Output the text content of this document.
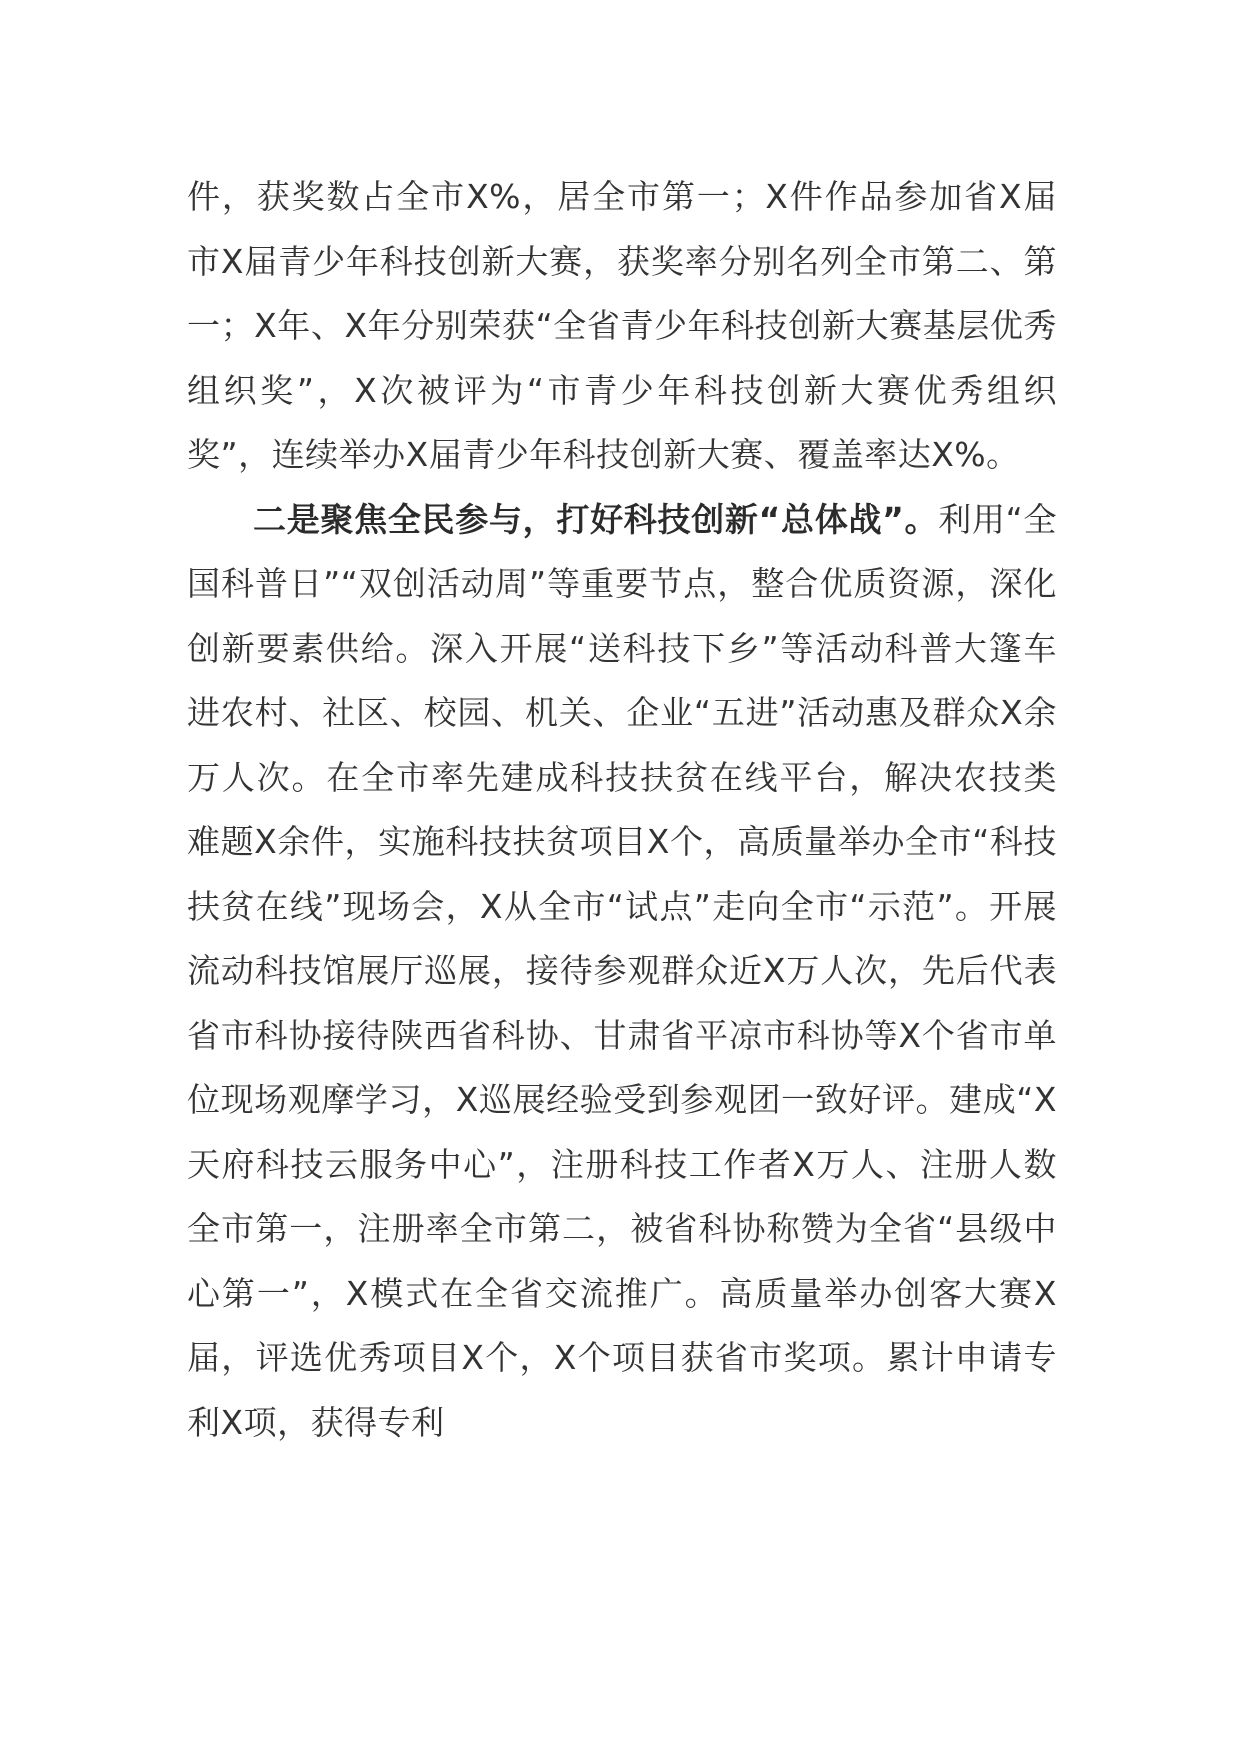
件，获奖数占全市X%，居全市第一；X件作品参加省X届市X届青少年科技创新大赛，获奖率分别名列全市第二、第一；X年、X年分别荣获“全省青少年科技创新大赛基层优秀组织奖”，X次被评为“市青少年科技创新大赛优秀组织奖”，连续举办X届青少年科技创新大赛、覆盖率达X%。

二是聚焦全民参与，打好科技创新“总体战”。利用“全国科普日”“双创活动周”等重要节点，整合优质资源，深化创新要素供给。深入开展“送科技下乡”等活动科普大篷车进农村、社区、校园、机关、企业“五进”活动惠及群众X余万人次。在全市率先建成科技扶贫在线平台，解决农技类难题X余件，实施科技扶贫项目X个，高质量举办全市“科技扶贫在线”现场会，X从全市“试点”走向全市“示范”。开展流动科技馆展厅巡展，接待参观群众近X万人次，先后代表省市科协接待陕西省科协、甘肃省平凉市科协等X个省市单位现场观摩学习，X巡展经验受到参观团一致好评。建成“X天府科技云服务中心”，注册科技工作者X万人、注册人数全市第一，注册率全市第二，被省科协称赞为全省“县级中心第一”，X模式在全省交流推广。高质量举办创客大赛X届，评选优秀项目X个，X个项目获省市奖项。累计申请专利X项，获得专利
